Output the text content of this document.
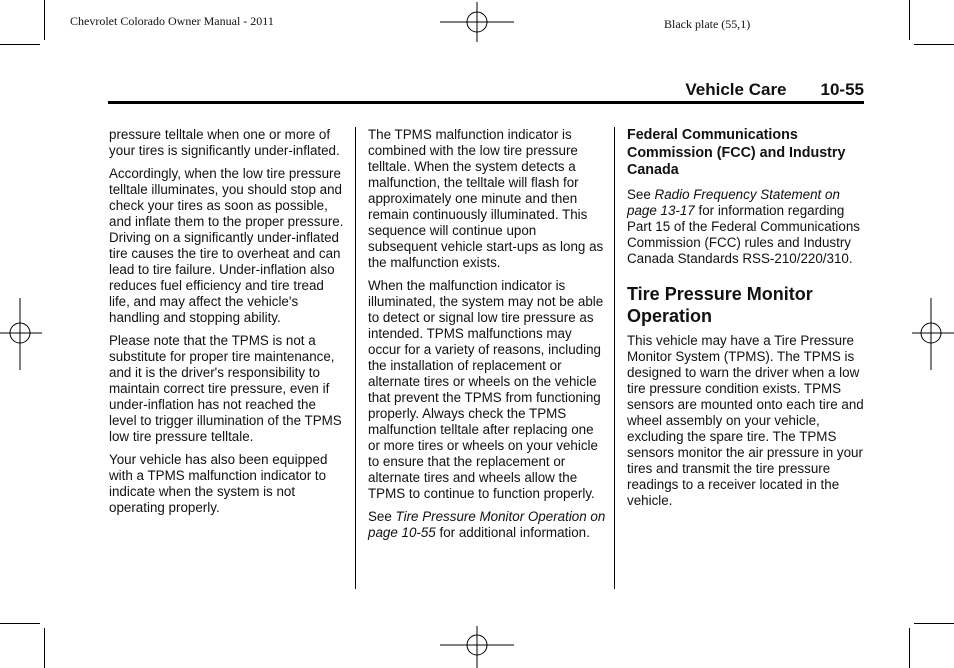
Chevrolet Colorado Owner Manual - 2011	Black plate (55,1)
Vehicle Care 10-55

pressure telltale when one or more of your tires is significantly under-inflated.

Accordingly, when the low tire pressure telltale illuminates, you should stop and check your tires as soon as possible, and inflate them to the proper pressure. Driving on a significantly under-inflated tire causes the tire to overheat and can lead to tire failure. Under-inflation also reduces fuel efficiency and tire tread life, and may affect the vehicle's handling and stopping ability.

Please note that the TPMS is not a substitute for proper tire maintenance, and it is the driver's responsibility to maintain correct tire pressure, even if under-inflation has not reached the level to trigger illumination of the TPMS low tire pressure telltale.

Your vehicle has also been equipped with a TPMS malfunction indicator to indicate when the system is not operating properly.

The TPMS malfunction indicator is combined with the low tire pressure telltale. When the system detects a malfunction, the telltale will flash for approximately one minute and then remain continuously illuminated. This sequence will continue upon subsequent vehicle start-ups as long as the malfunction exists.

When the malfunction indicator is illuminated, the system may not be able to detect or signal low tire pressure as intended. TPMS malfunctions may occur for a variety of reasons, including the installation of replacement or alternate tires or wheels on the vehicle that prevent the TPMS from functioning properly. Always check the TPMS malfunction telltale after replacing one or more tires or wheels on your vehicle to ensure that the replacement or alternate tires and wheels allow the TPMS to continue to function properly.

See Tire Pressure Monitor Operation on page 10-55 for additional information.

Federal Communications Commission (FCC) and Industry Canada

See Radio Frequency Statement on page 13-17 for information regarding Part 15 of the Federal Communications Commission (FCC) rules and Industry Canada Standards RSS-210/220/310.

Tire Pressure Monitor Operation

This vehicle may have a Tire Pressure Monitor System (TPMS). The TPMS is designed to warn the driver when a low tire pressure condition exists. TPMS sensors are mounted onto each tire and wheel assembly on your vehicle, excluding the spare tire. The TPMS sensors monitor the air pressure in your tires and transmit the tire pressure readings to a receiver located in the vehicle.
